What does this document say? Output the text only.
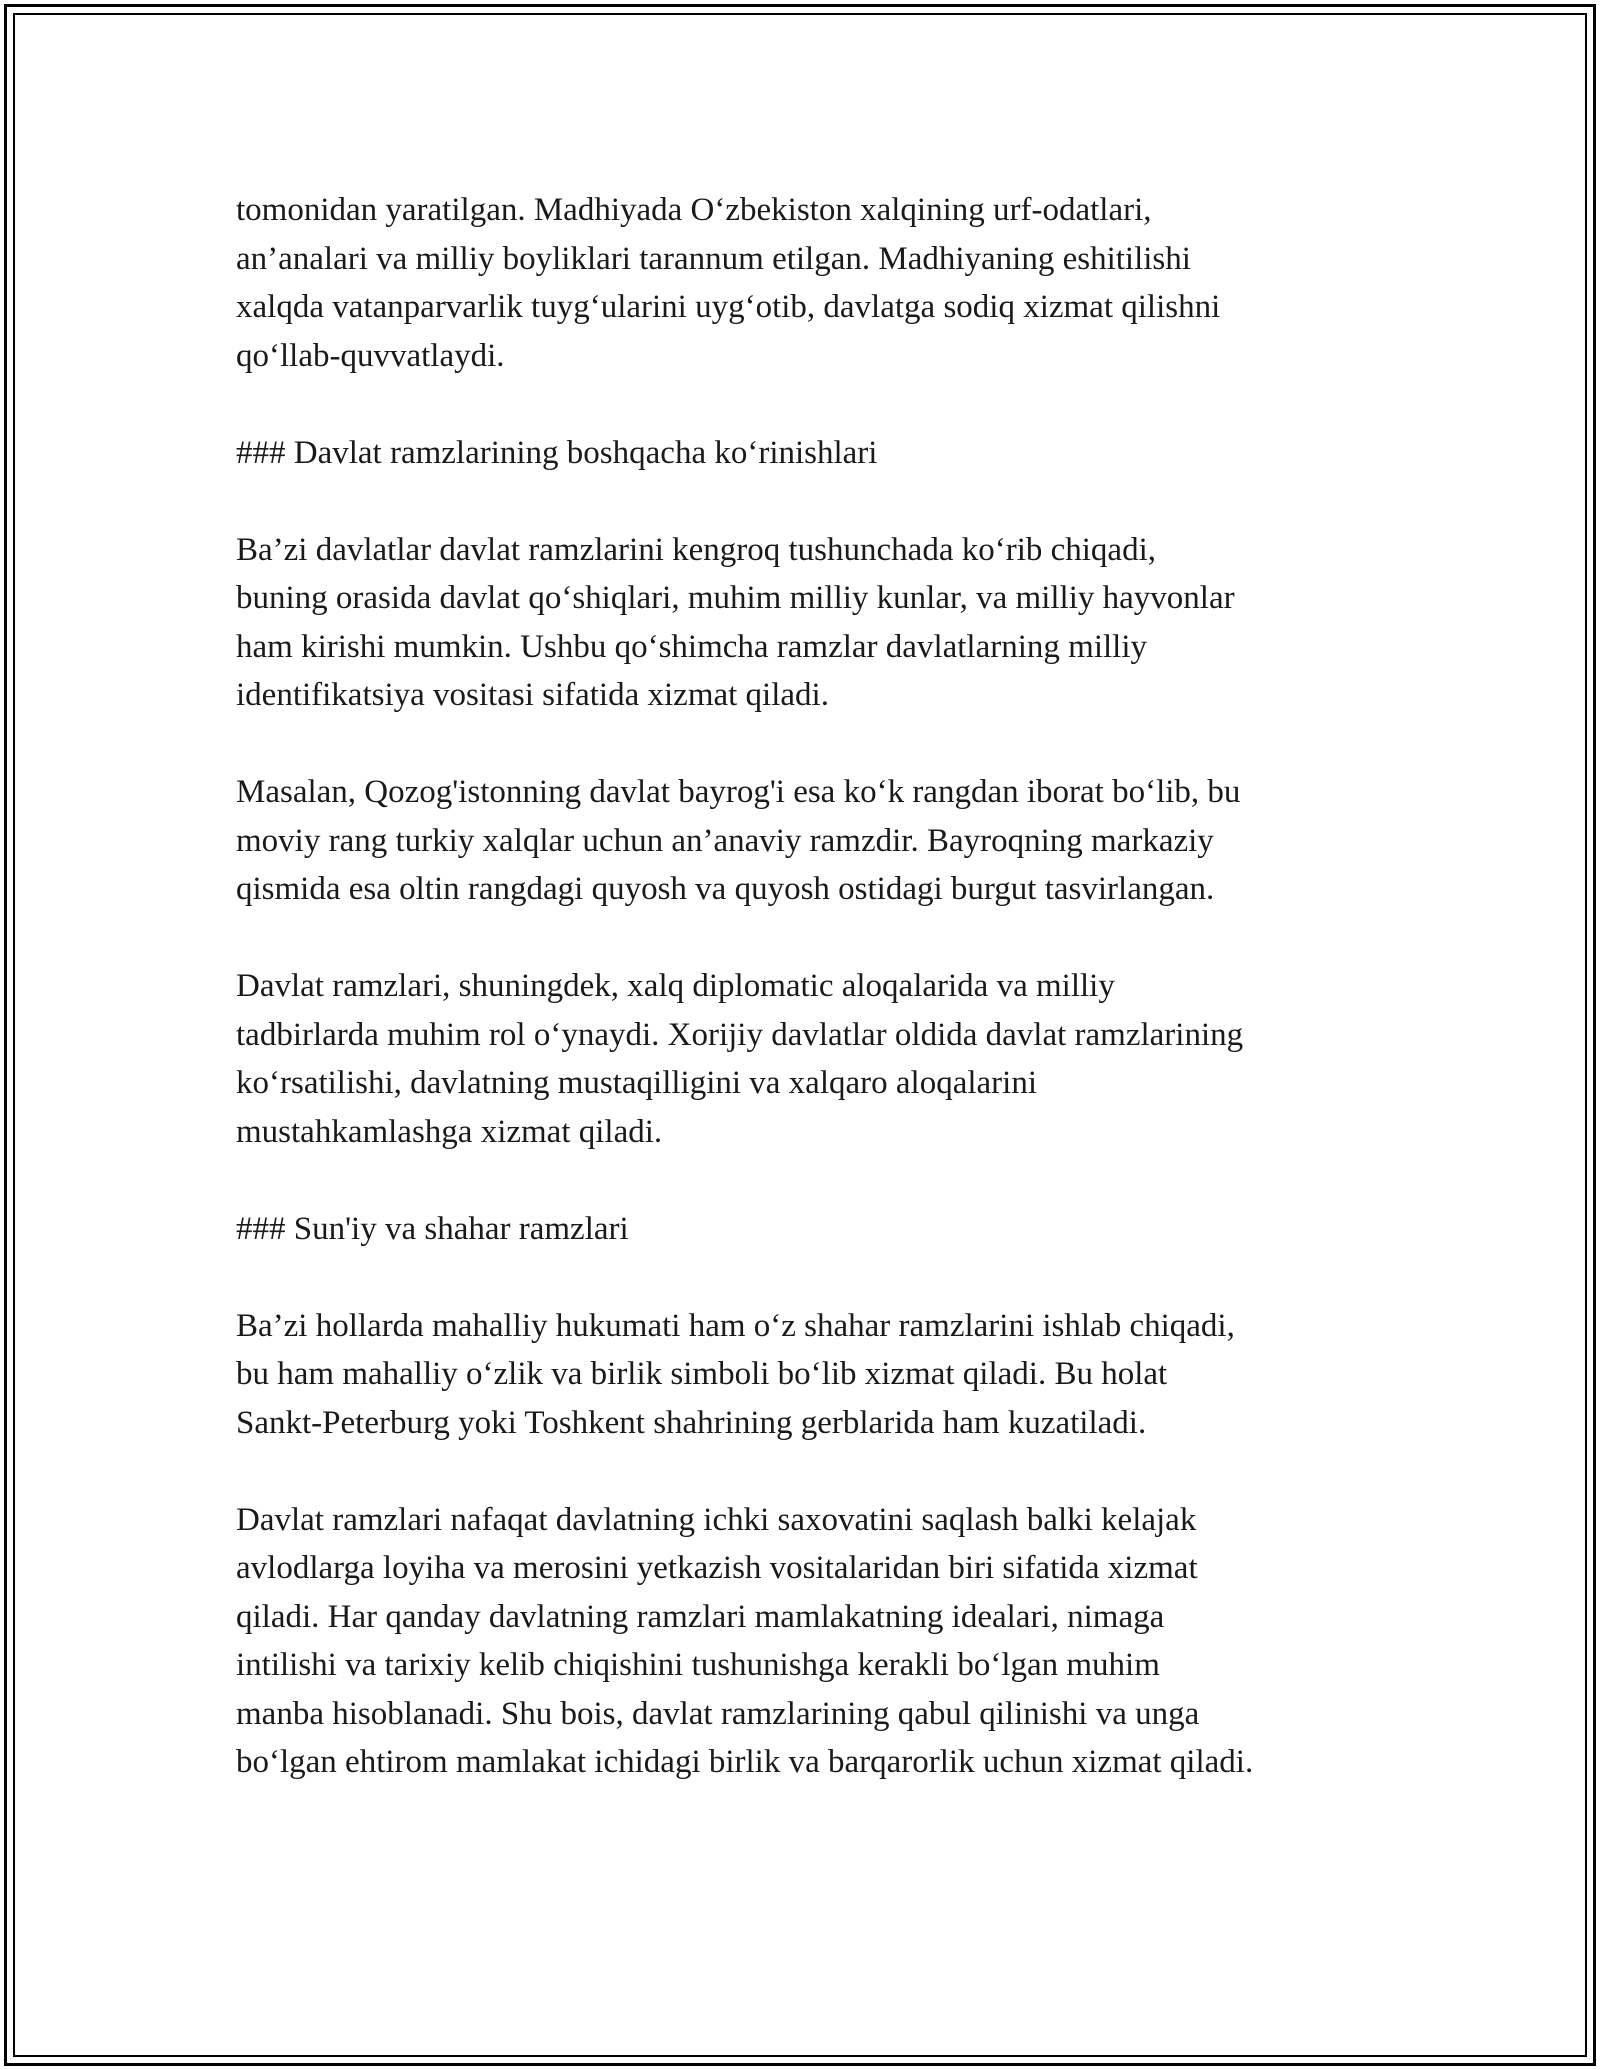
tomonidan yaratilgan. Madhiyada O‘zbekiston xalqining urf-odatlari,
an’analari va milliy boyliklari tarannum etilgan. Madhiyaning eshitilishi
xalqda vatanparvarlik tuyg‘ularini uyg‘otib, davlatga sodiq xizmat qilishni
qo‘llab-quvvatlaydi.

### Davlat ramzlarining boshqacha ko‘rinishlari

Ba’zi davlatlar davlat ramzlarini kengroq tushunchada ko‘rib chiqadi,
buning orasida davlat qo‘shiqlari, muhim milliy kunlar, va milliy hayvonlar
ham kirishi mumkin. Ushbu qo‘shimcha ramzlar davlatlarning milliy
identifikatsiya vositasi sifatida xizmat qiladi.

Masalan, Qozog'istonning davlat bayrog'i esa ko‘k rangdan iborat bo‘lib, bu
moviy rang turkiy xalqlar uchun an’anaviy ramzdir. Bayroqning markaziy
qismida esa oltin rangdagi quyosh va quyosh ostidagi burgut tasvirlangan.

Davlat ramzlari, shuningdek, xalq diplomatic aloqalarida va milliy
tadbirlarda muhim rol o‘ynaydi. Xorijiy davlatlar oldida davlat ramzlarining
ko‘rsatilishi, davlatning mustaqilligini va xalqaro aloqalarini
mustahkamlashga xizmat qiladi.

### Sun'iy va shahar ramzlari

Ba’zi hollarda mahalliy hukumati ham o‘z shahar ramzlarini ishlab chiqadi,
bu ham mahalliy o‘zlik va birlik simboli bo‘lib xizmat qiladi. Bu holat
Sankt-Peterburg yoki Toshkent shahrining gerblarida ham kuzatiladi.

Davlat ramzlari nafaqat davlatning ichki saxovatini saqlash balki kelajak
avlodlarga loyiha va merosini yetkazish vositalaridan biri sifatida xizmat
qiladi. Har qanday davlatning ramzlari mamlakatning idealari, nimaga
intilishi va tarixiy kelib chiqishini tushunishga kerakli bo‘lgan muhim
manba hisoblanadi. Shu bois, davlat ramzlarining qabul qilinishi va unga
bo‘lgan ehtirom mamlakat ichidagi birlik va barqarorlik uchun xizmat qiladi.
